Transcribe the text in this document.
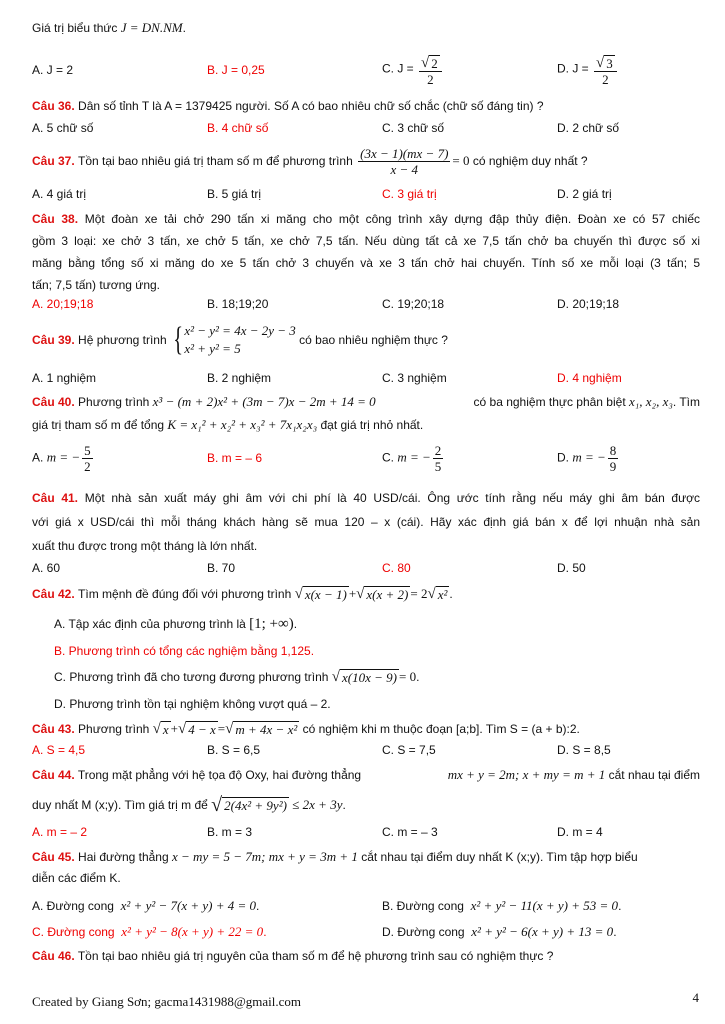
Giá trị biểu thức J = DN.NM.
A. J = 2	B. J = 0,25	C. $J = \frac{√ 2}{2}$	D. $J = \frac{√ 3}{2}$
Câu 36. Dân số tỉnh T là A = 1379425 người. Số A có bao nhiêu chữ số chắc (chữ số đáng tin) ?
A. 5 chữ số	B. 4 chữ số	C. 3 chữ số	D. 2 chữ số
Câu 37.
Tồn tại bao nhiêu giá trị tham số m để phương trình
$\frac{(3x - 1)(mx - 7)}{x - 4} = 0$
có nghiệm duy nhất ?
A. 4 giá trị	B. 5 giá trị	C. 3 giá trị	D. 2 giá trị
Câu 38. Một đoàn xe tải chở 290 tấn xi măng cho một công trình xây dựng đập thủy điện. Đoàn xe có 57 chiếc
gồm 3 loại: xe chở 3 tấn, xe chở 5 tấn, xe chở 7,5 tấn. Nếu dùng tất cả xe 7,5 tấn chở ba chuyến thì được số xi
măng bằng tổng số xi măng do xe 5 tấn chở 3 chuyến và xe 3 tấn chở hai chuyến. Tính số xe mỗi loại (3 tấn; 5
tấn; 7,5 tấn) tương ứng.
A. 20;19;18	B. 18;19;20	C. 19;20;18	D. 20;19;18
Câu 39.
Hệ phương trình
{ x² − y² = 4x − 2y − 3
x² + y² = 5

có bao nhiêu nghiệm thực ?
A. 1 nghiệm	B. 2 nghiệm	C. 3 nghiệm	D. 4 nghiệm
Câu 40. Phương trình x³ − (m + 2)x² + (3m − 7)x − 2m + 14 = 0	có ba nghiệm thực phân biệt x₁, x₂, x₃. Tìm
giá trị tham số m để tổng K = x₁² + x₂² + x₃² + 7x₁x₂x₃ đạt giá trị nhỏ nhất.
A. m = − $\frac{5}{2}$	B. m = – 6	C. m = − $\frac{2}{5}$	D. m = − $\frac{8}{9}$
Câu 41. Một nhà sản xuất máy ghi âm với chi phí là 40 USD/cái. Ông ước tính rằng nếu máy ghi âm bán được
với giá x USD/cái thì mỗi tháng khách hàng sẽ mua 120 – x (cái). Hãy xác định giá bán x để lợi nhuận nhà sản
xuất thu được trong một tháng là lớn nhất.
A. 60	B. 70	C. 80	D. 50
Câu 42.
Tìm mệnh đề đúng đối với phương trình
√ x(x − 1) + √ x(x + 2) = 2 √ x² .
A. Tập xác định của phương trình là
[1; +∞) .
B. Phương trình có tổng các nghiệm bằng 1,125.
C. Phương trình đã cho tương đương phương trình
√ x(10x − 9) = 0 .
D. Phương trình tồn tại nghiệm không vượt quá – 2.
Câu 43.
Phương trình
√ x + √ 4 − x = √ m + 4x − x²
có nghiệm khi m thuộc đoạn [a;b]. Tìm S = (a + b):2.
A. S = 4,5	B. S = 6,5	C. S = 7,5	D. S = 8,5
Câu 44. Trong mặt phẳng với hệ tọa độ Oxy, hai đường thẳng	mx + y = 2m; x + my = m + 1 cắt nhau tại điểm
duy nhất M (x;y). Tìm giá trị m để
√ 2(4x² + 9y²)
≤ 2x + 3y .
A. m = – 2	B. m = 3	C. m = – 3	D. m = 4
Câu 45.
Hai đường thẳng
x − my = 5 − 7m; mx + y = 3m + 1
cắt nhau tại điểm duy nhất K (x;y). Tìm tập hợp biểu
diễn các điểm K.
A. Đường cong x² + y² − 7(x + y) + 4 = 0.	B. Đường cong x² + y² − 11(x + y) + 53 = 0.
C. Đường cong x² + y² − 8(x + y) + 22 = 0.	D. Đường cong x² + y² − 6(x + y) + 13 = 0.
Câu 46. Tồn tại bao nhiêu giá trị nguyên của tham số m để hệ phương trình sau có nghiệm thực ?
Created by Giang Sơn; gacma1431988@gmail.com	4
